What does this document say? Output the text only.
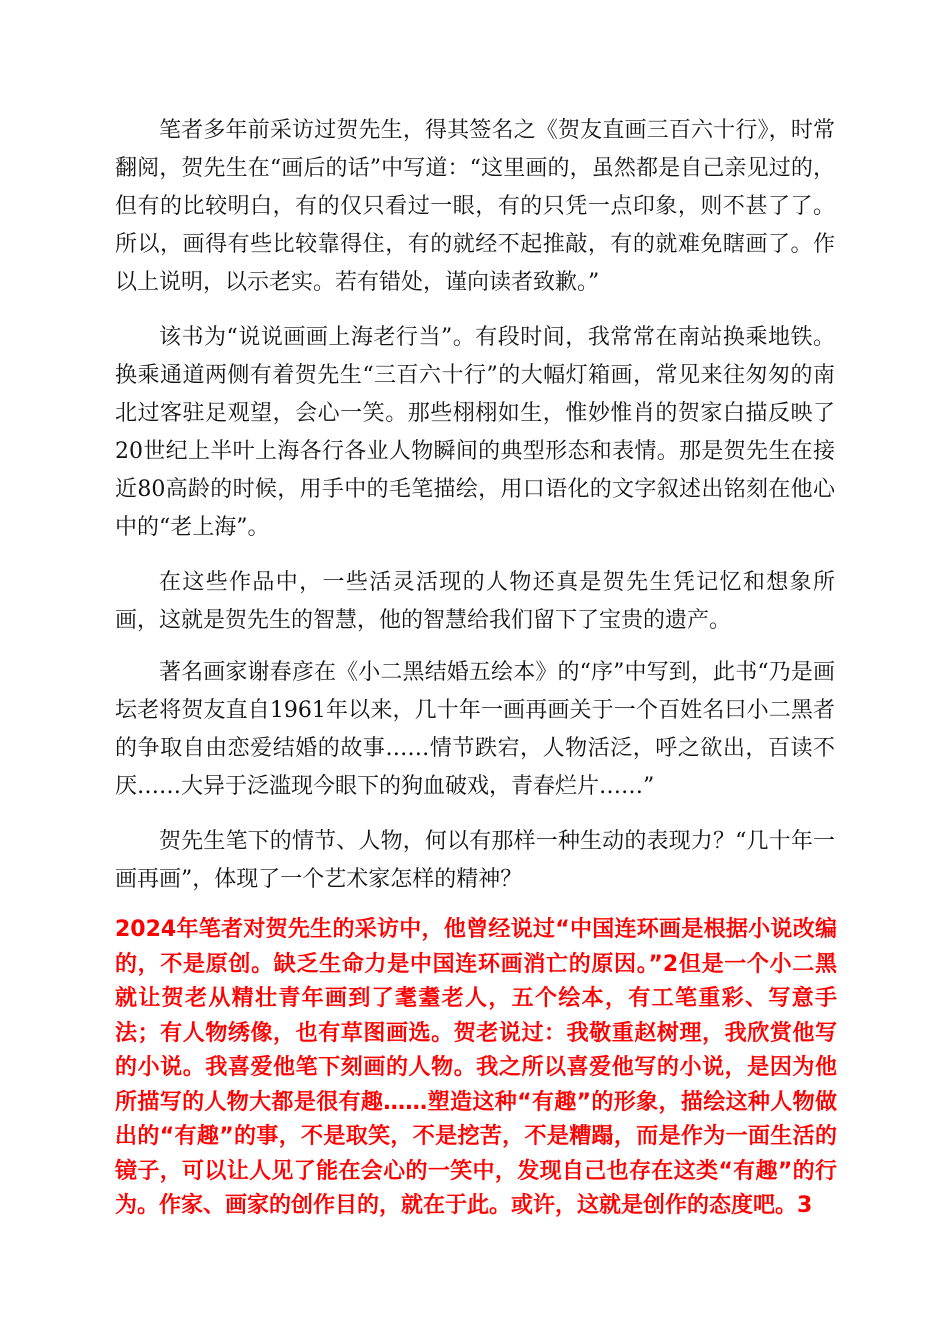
笔者多年前采访过贺先生，得其签名之《贺友直画三百六十行》，时常翻阅，贺先生在“画后的话”中写道：“这里画的，虽然都是自己亲见过的，但有的比较明白，有的仅只看过一眼，有的只凭一点印象，则不甚了了。所以，画得有些比较靠得住，有的就经不起推敲，有的就难免瞎画了。作以上说明，以示老实。若有错处，谨向读者致歉。”

该书为“说说画画上海老行当”。有段时间，我常常在南站换乘地铁。换乘通道两侧有着贺先生“三百六十行”的大幅灯箱画，常见来往匆匆的南北过客驻足观望，会心一笑。那些栩栩如生，惟妙惟肖的贺家白描反映了20世纪上半叶上海各行各业人物瞬间的典型形态和表情。那是贺先生在接近80高龄的时候，用手中的毛笔描绘，用口语化的文字叙述出铭刻在他心中的“老上海”。

在这些作品中，一些活灵活现的人物还真是贺先生凭记忆和想象所画，这就是贺先生的智慧，他的智慧给我们留下了宝贵的遗产。

著名画家谢春彦在《小二黑结婚五绘本》的“序”中写到，此书“乃是画坛老将贺友直自1961年以来，几十年一画再画关于一个百姓名曰小二黑者的争取自由恋爱结婚的故事……情节跌宕，人物活泛，呼之欲出，百读不厌……大异于泛滥现今眼下的狗血破戏，青春烂片……”

贺先生笔下的情节、人物，何以有那样一种生动的表现力？“几十年一画再画”，体现了一个艺术家怎样的精神？

2024年笔者对贺先生的采访中，他曾经说过“中国连环画是根据小说改编的，不是原创。缺乏生命力是中国连环画消亡的原因。”2但是一个小二黑就让贺老从精壮青年画到了耄耋老人，五个绘本，有工笔重彩、写意手法；有人物绣像，也有草图画选。贺老说过：我敬重赵树理，我欣赏他写的小说。我喜爱他笔下刻画的人物。我之所以喜爱他写的小说，是因为他所描写的人物大都是很有趣……塑造这种“有趣”的形象，描绘这种人物做出的“有趣”的事，不是取笑，不是挖苦，不是糟蹋，而是作为一面生活的镜子，可以让人见了能在会心的一笑中，发现自己也存在这类“有趣”的行为。作家、画家的创作目的，就在于此。或许，这就是创作的态度吧。3
